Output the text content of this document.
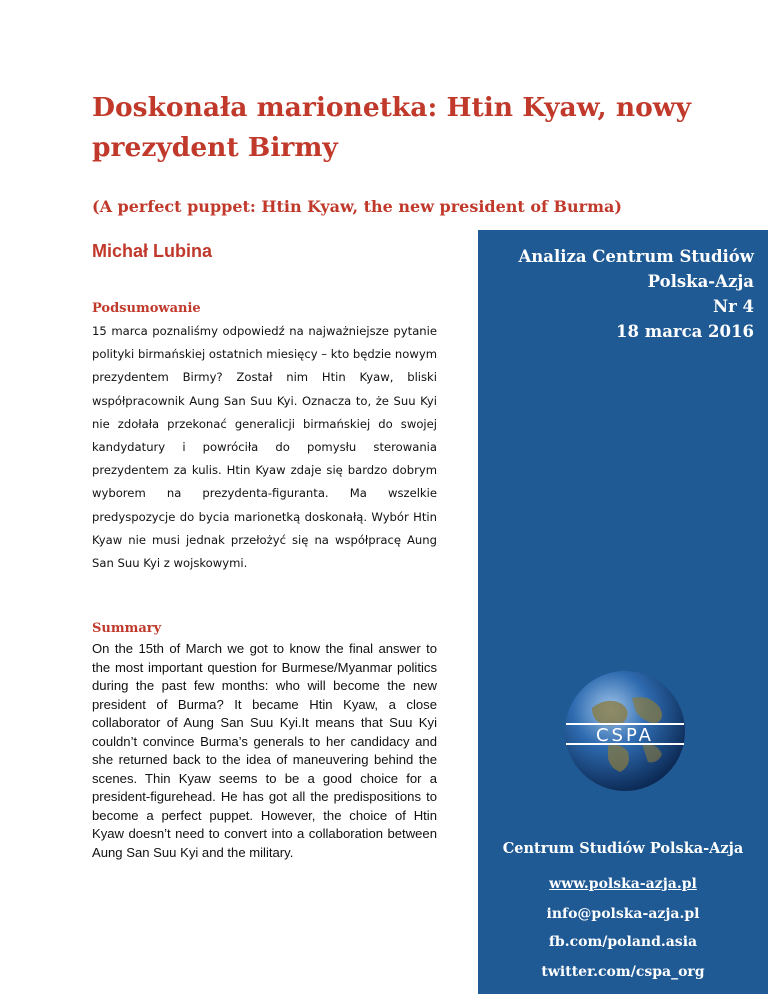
Doskonała marionetka: Htin Kyaw, nowy prezydent Birmy
(A perfect puppet: Htin Kyaw, the new president of Burma)
Michał Lubina
Podsumowanie

15 marca poznaliśmy odpowiedź na najważniejsze pytanie polityki birmańskiej ostatnich miesięcy – kto będzie nowym prezydentem Birmy? Został nim Htin Kyaw, bliski współpracownik Aung San Suu Kyi. Oznacza to, że Suu Kyi nie zdołała przekonać generalicji birmańskiej do swojej kandydatury i powróciła do pomysłu sterowania prezydentem za kulis. Htin Kyaw zdaje się bardzo dobrym wyborem na prezydenta-figuranta. Ma wszelkie predyspozycje do bycia marionetką doskonałą. Wybór Htin Kyaw nie musi jednak przełożyć się na współpracę Aung San Suu Kyi z wojskowymi.

Summary

On the 15th of March we got to know the final answer to the most important question for Burmese/Myanmar politics during the past few months: who will become the new president of Burma? It became Htin Kyaw, a close collaborator of Aung San Suu Kyi.It means that Suu Kyi couldn’t convince Burma’s generals to her candidacy and she returned back to the idea of maneuvering behind the scenes. Thin Kyaw seems to be a good choice for a president-figurehead. He has got all the predispositions to become a perfect puppet. However, the choice of Htin Kyaw doesn’t need to convert into a collaboration between Aung San Suu Kyi and the military.

Analiza Centrum Studiów
Polska-Azja
Nr 4
18 marca 2016
CSPA
Centrum Studiów Polska-Azja
www.polska-azja.pl
info@polska-azja.pl
fb.com/poland.asia
twitter.com/cspa_org
